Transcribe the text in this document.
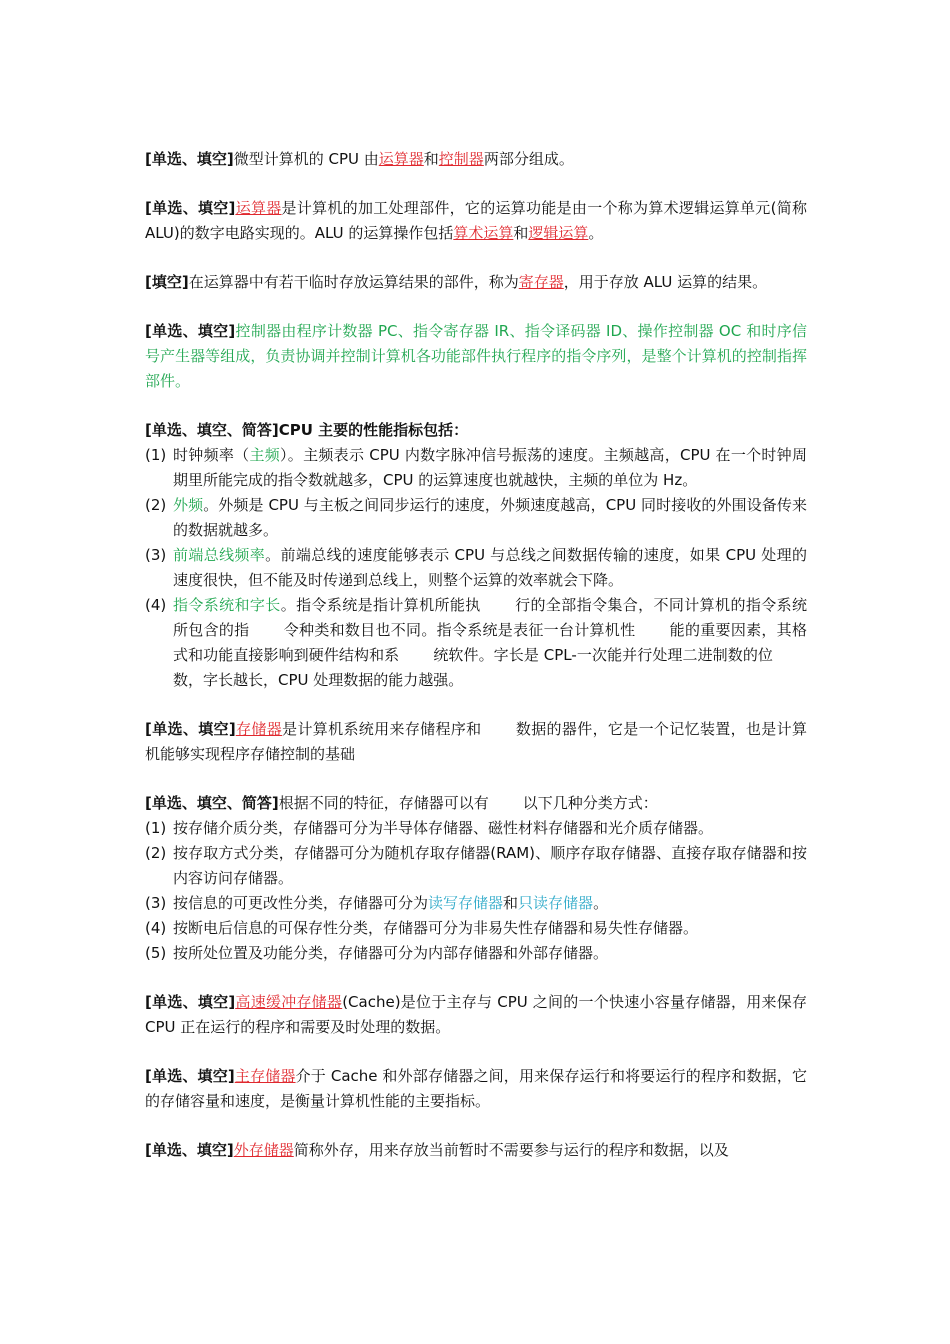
[单选、填空]微型计算机的 CPU 由运算器和控制器两部分组成。

[单选、填空]运算器是计算机的加工处理部件，它的运算功能是由一个称为算术逻辑运算单元(简称 ALU)的数字电路实现的。ALU 的运算操作包括算术运算和逻辑运算。

[填空]在运算器中有若干临时存放运算结果的部件，称为寄存器，用于存放 ALU 运算的结果。

[单选、填空]控制器由程序计数器 PC、指令寄存器 IR、指令译码器 ID、操作控制器 OC 和时序信号产生器等组成，负责协调并控制计算机各功能部件执行程序的指令序列，是整个计算机的控制指挥部件。

[单选、填空、简答]CPU 主要的性能指标包括：

(1) 时钟频率（主频）。主频表示 CPU 内数字脉冲信号振荡的速度。主频越高，CPU 在一个时钟周期里所能完成的指令数就越多，CPU 的运算速度也就越快，主频的单位为 Hz。
(2) 外频。外频是 CPU 与主板之间同步运行的速度，外频速度越高，CPU 同时接收的外围设备传来的数据就越多。
(3) 前端总线频率。前端总线的速度能够表示 CPU 与总线之间数据传输的速度，如果 CPU 处理的速度很快，但不能及时传递到总线上，则整个运算的效率就会下降。
(4) 指令系统和字长。指令系统是指计算机所能执 行的全部指令集合，不同计算机的指令系统所包含的指 令种类和数目也不同。指令系统是表征一台计算机性 能的重要因素，其格式和功能直接影响到硬件结构和系 统软件。字长是 CPL-一次能并行处理二进制数的位数，字长越长，CPU 处理数据的能力越强。

[单选、填空]存储器是计算机系统用来存储程序和 数据的器件，它是一个记忆装置，也是计算机能够实现程序存储控制的基础

[单选、填空、简答]根据不同的特征，存储器可以有 以下几种分类方式：

(1) 按存储介质分类，存储器可分为半导体存储器、磁性材料存储器和光介质存储器。
(2) 按存取方式分类，存储器可分为随机存取存储器(RAM)、顺序存取存储器、直接存取存储器和按内容访问存储器。
(3) 按信息的可更改性分类，存储器可分为读写存储器和只读存储器。
(4) 按断电后信息的可保存性分类，存储器可分为非易失性存储器和易失性存储器。
(5) 按所处位置及功能分类，存储器可分为内部存储器和外部存储器。

[单选、填空]高速缓冲存储器(Cache)是位于主存与 CPU 之间的一个快速小容量存储器，用来保存 CPU 正在运行的程序和需要及时处理的数据。

[单选、填空]主存储器介于 Cache 和外部存储器之间，用来保存运行和将要运行的程序和数据，它的存储容量和速度，是衡量计算机性能的主要指标。

[单选、填空]外存储器简称外存，用来存放当前暂时不需要参与运行的程序和数据，以及
